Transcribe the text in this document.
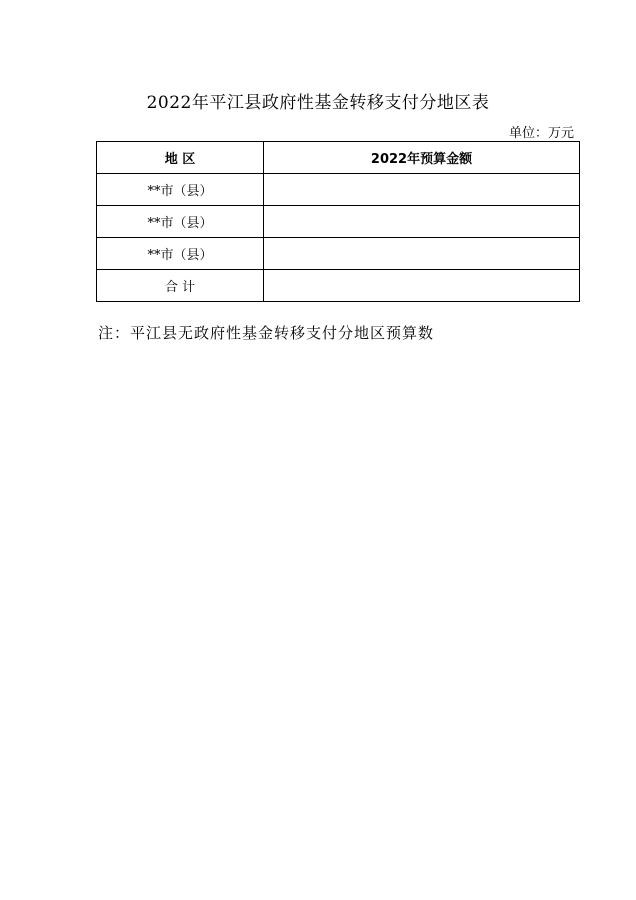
2022年平江县政府性基金转移支付分地区表
单位：万元
地 区	2022年预算金额
**市（县）	
**市（县）	
**市（县）	
合 计	
注：平江县无政府性基金转移支付分地区预算数
